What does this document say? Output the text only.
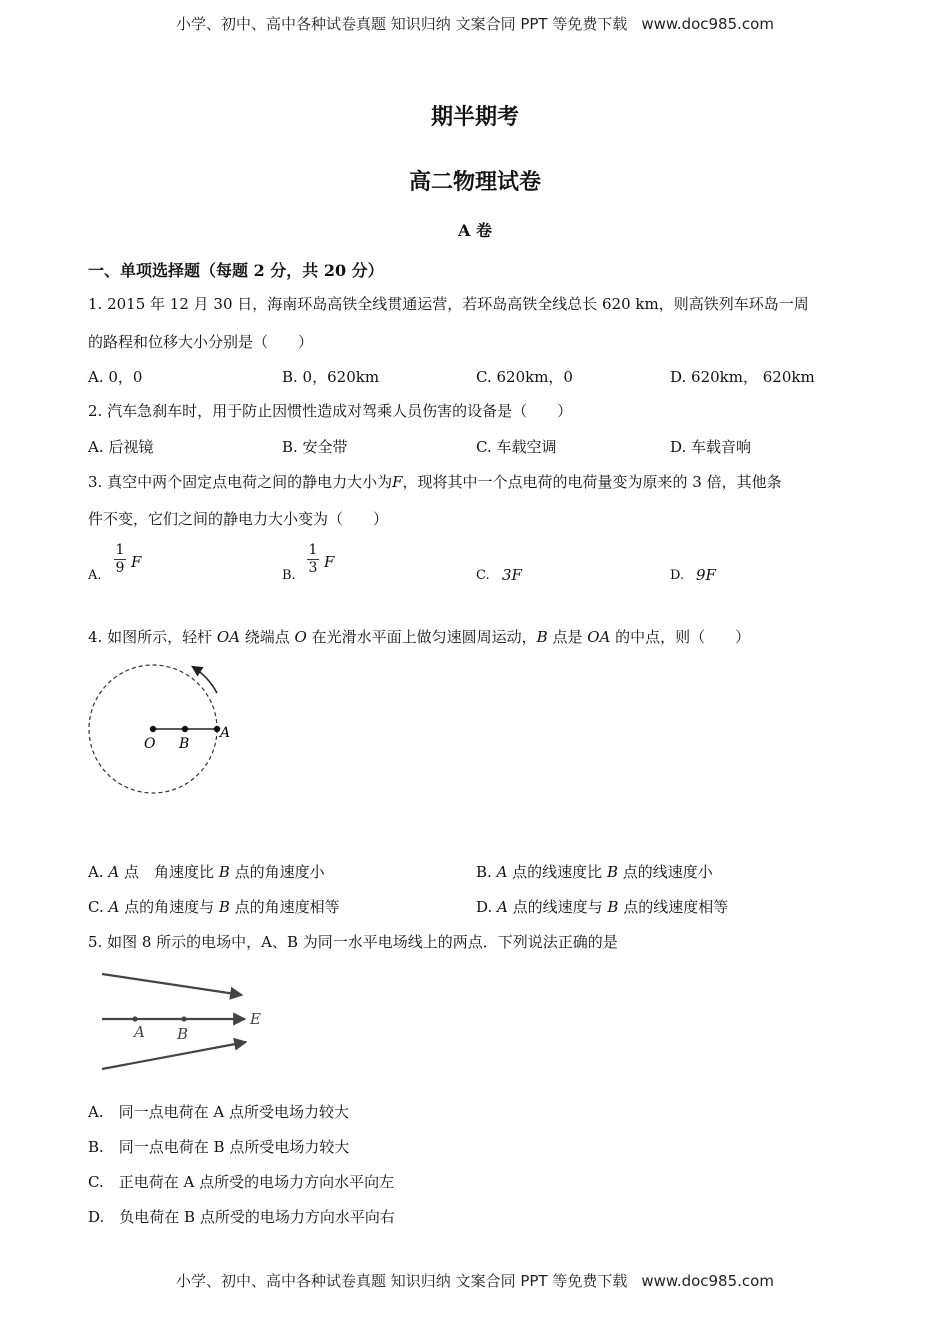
小学、初中、高中各种试卷真题 知识归纳 文案合同 PPT 等免费下载 www.doc985.com
期半期考
高二物理试卷
A 卷
一、单项选择题（每题 2 分，共 20 分）
1. 2015 年 12 月 30 日，海南环岛高铁全线贯通运营，若环岛高铁全线总长 620 km，则高铁列车环岛一周
的路程和位移大小分别是（　　）
A. 0，0	B. 0，620km	C. 620km，0	D. 620km， 620km
2. 汽车急刹车时，用于防止因惯性造成对驾乘人员伤害的设备是（　　）
A. 后视镜	B. 安全带	C. 车载空调	D. 车载音响
3. 真空中两个固定点电荷之间的静电力大小为F，现将其中一个点电荷的电荷量变为原来的 3 倍，其他条
件不变，它们之间的静电力大小变为（　　）
A.
1
9 F
B.
1
3 F
C. 3F	D. 9F
4. 如图所示，轻杆 OA 绕端点 O 在光滑水平面上做匀速圆周运动，B 点是 OA 的中点，则（　　）
O B
A
A. A 点　角速度比 B 点的角速度小	B. A 点的线速度比 B 点的线速度小
C. A 点的角速度与 B 点的角速度相等	D. A 点的线速度与 B 点的线速度相等
5. 如图 8 所示的电场中，A、B 为同一水平电场线上的两点．下列说法正确的是
A B
E
A.　同一点电荷在 A 点所受电场力较大
B.　同一点电荷在 B 点所受电场力较大
C.　正电荷在 A 点所受的电场力方向水平向左
D.　负电荷在 B 点所受的电场力方向水平向右
小学、初中、高中各种试卷真题 知识归纳 文案合同 PPT 等免费下载 www.doc985.com
